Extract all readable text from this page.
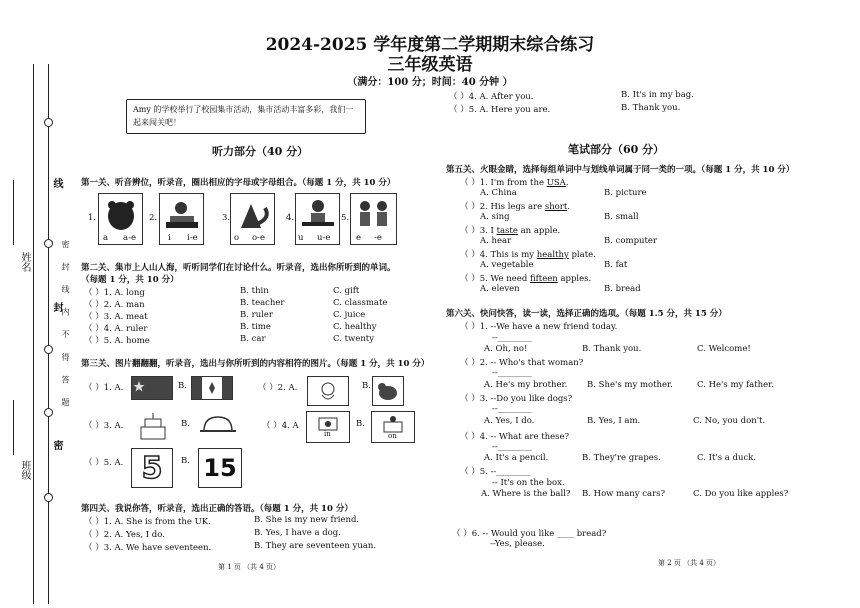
姓名
班级
线
封
密
密 封 线 内 不 得 答 题
2024-2025 学年度第二学期期末综合练习
三年级英语
（满分：100 分；时间：40 分钟 ）
Amy 的学校举行了校园集市活动，集市活动丰富多彩，我们一起来闯关吧！
听力部分（40 分）
第一关、听音辨位，听录音，圈出相应的字母或字母组合。（每题 1 分，共 10 分）
1.
a a-e
2.
i i-e
3.
o o-e
4.
u u-e
5.
e -e
第二关、集市上人山人海，听听同学们在讨论什么。听录音，选出你所听到的单词。
（每题 1 分，共 10 分）
（ ）1. A. long	B. thin	C. gift
（ ）2. A. man	B. teacher	C. classmate
（ ）3. A. meat	B. ruler	C. juice
（ ）4. A. ruler	B. time	C. healthy
（ ）5. A. home	B. car	C. twenty
第三关、图片翻翻翻，听录音，选出与你所听到的内容相符的图片。（每题 1 分，共 10 分）
（ ）1. A.	B.	（ ）2. A.	B.
（ ）3. A.	B.	（ ）4. A
in
B.
on
（ ）5. A. 5 B. 15
第四关、我说你答，听录音，选出正确的答语。（每题 1 分，共 10 分）
（ ）1. A. She is from the UK.	B. She is my new friend.
（ ）2. A. Yes, I do.	B. Yes, I have a dog.
（ ）3. A. We have seventeen.	B. They are seventeen yuan.
（ ）4. A. After you.	B. It's in my bag.
（ ）5. A. Here you are.	B. Thank you.
笔试部分（60 分）
第五关、火眼金睛，选择每组单词中与划线单词属于同一类的一项。（每题 1 分，共 10 分）
（ ）1. I'm from the USA.
A. China	B. picture
（ ）2. His legs are short.
A. sing	B. small
（ ）3. I taste an apple.
A. hear	B. computer
（ ）4. This is my healthy plate.
A. vegetable	B. fat
（ ）5. We need fifteen apples.
A. eleven	B. bread
第六关、快问快答，读一读，选择正确的选项。（每题 1.5 分，共 15 分）
（ ）1. --We have a new friend today.
--________
A. Oh, no!	B. Thank you.	C. Welcome!
（ ）2. -- Who's that woman?
--________
A. He's my brother. B. She's my mother.	C. He's my father.
（ ）3. --Do you like dogs?
--________
A. Yes, I do.	B. Yes, I am.	C. No, you don't.
（ ）4. -- What are these?
--________
A. It's a pencil.	B. They're grapes.	C. It's a duck.
（ ）5. --________
-- It's on the box.
A. Where is the ball? B. How many cars?	C. Do you like apples?
（ ）6. -- Would you like ____ bread?
--Yes, please.
第 1 页 （共 4 页）	第 2 页 （共 4 页）
